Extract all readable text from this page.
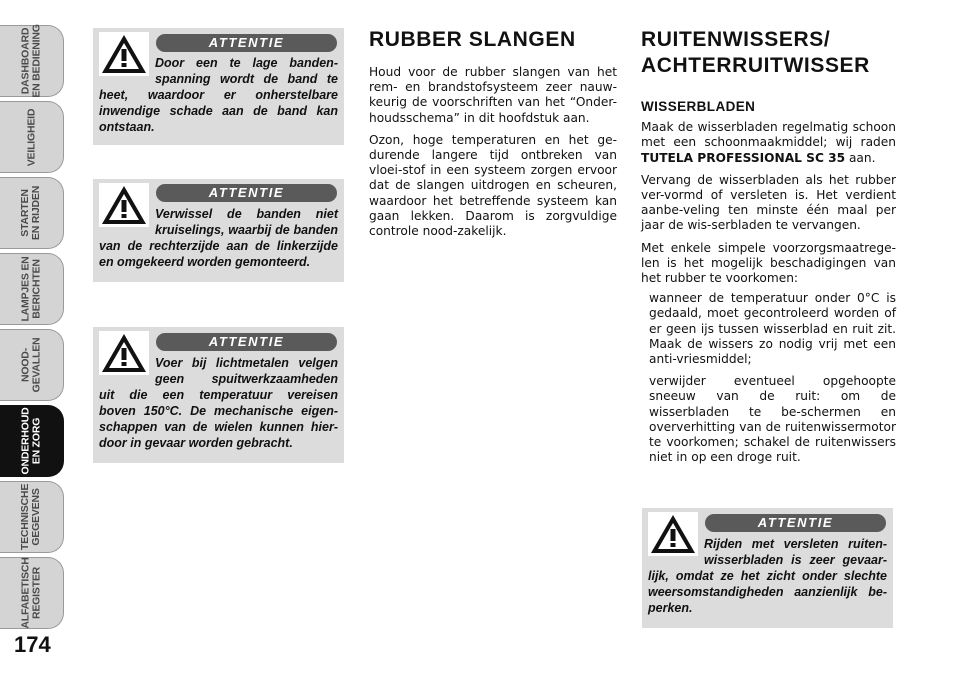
DASHBOARD
EN BEDIENING
VEILIGHEID
STARTEN
EN RIJDEN
LAMPJES EN
BERICHTEN
NOOD-
GEVALLEN
ONDERHOUD
EN ZORG
TECHNISCHE
GEGEVENS
ALFABETISCH
REGISTER
174
ATTENTIE
Door een te lage banden-
spanning wordt de band te
heet, waardoor er onherstelbare
inwendige schade aan de band kan
ontstaan.
ATTENTIE
Verwissel de banden niet
kruiselings, waarbij de banden
van de rechterzijde aan de linkerzijde
en omgekeerd worden gemonteerd.
ATTENTIE
Voer bij lichtmetalen velgen
geen spuitwerkzaamheden
uit die een temperatuur vereisen
boven 150°C. De mechanische eigen-
schappen van de wielen kunnen hier-
door in gevaar worden gebracht.
RUBBER SLANGEN

Houd voor de rubber slangen van het rem- en brandstofsysteem zeer nauw-keurig de voorschriften van het “Onder-houdsschema” in dit hoofdstuk aan.

Ozon, hoge temperaturen en het ge-durende langere tijd ontbreken van vloei-stof in een systeem zorgen ervoor dat de slangen uitdrogen en scheuren, waardoor het betreffende systeem kan gaan lekken. Daarom is zorgvuldige controle nood-zakelijk.

RUITENWISSERS/
ACHTERRUITWISSER
WISSERBLADEN

Maak de wisserbladen regelmatig schoon met een schoonmaakmiddel; wij raden TUTELA PROFESSIONAL SC 35 aan.

Vervang de wisserbladen als het rubber ver-vormd of versleten is. Het verdient aanbe-veling ten minste één maal per jaar de wis-serbladen te vervangen.

Met enkele simpele voorzorgsmaatrege-len is het mogelijk beschadigingen van het rubber te voorkomen:

wanneer de temperatuur onder 0°C is gedaald, moet gecontroleerd worden of er geen ijs tussen wisserblad en ruit zit. Maak de wissers zo nodig vrij met een anti-vriesmiddel;

verwijder eventueel opgehoopte sneeuw van de ruit: om de wisserbladen te be-schermen en oververhitting van de ruitenwissermotor te voorkomen; schakel de ruitenwissers niet in op een droge ruit.

ATTENTIE
Rijden met versleten ruiten-
wisserbladen is zeer gevaar-
lijk, omdat ze het zicht onder slechte
weersomstandigheden aanzienlijk be-
perken.
